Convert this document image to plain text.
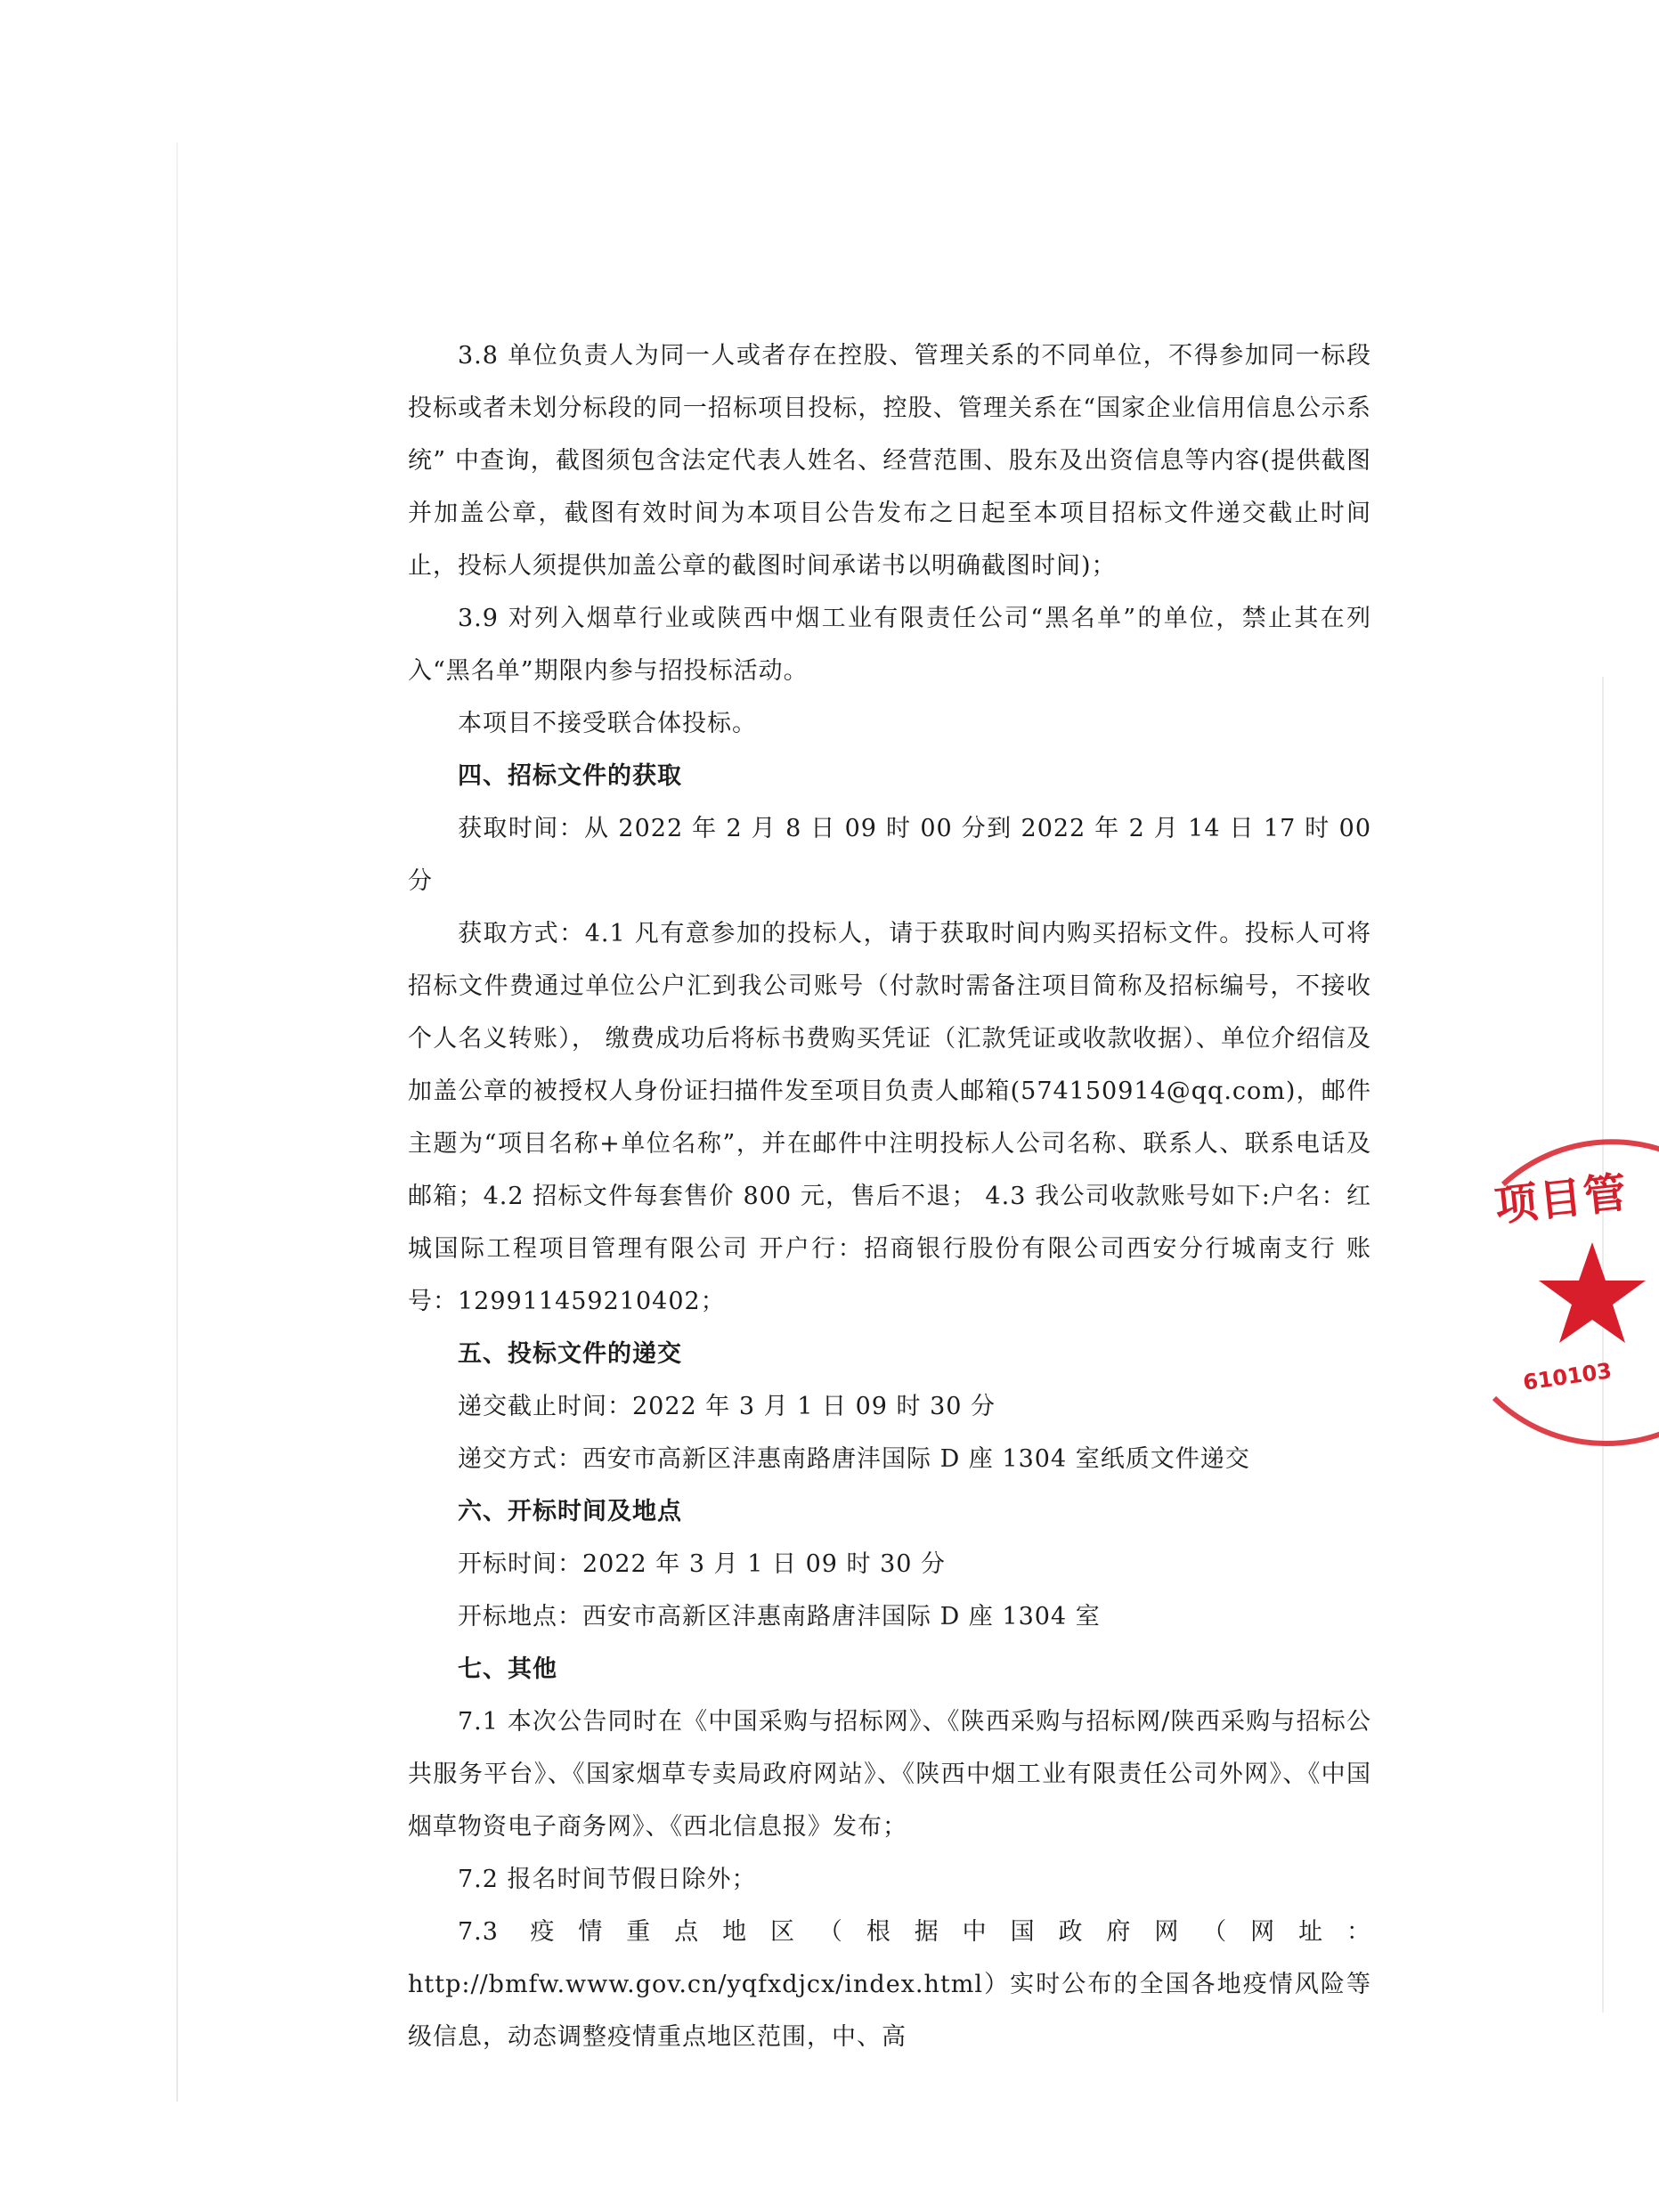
3.8 单位负责人为同一人或者存在控股、管理关系的不同单位，不得参加同一标段投标或者未划分标段的同一招标项目投标，控股、管理关系在“国家企业信用信息公示系统” 中查询，截图须包含法定代表人姓名、经营范围、股东及出资信息等内容(提供截图并加盖公章，截图有效时间为本项目公告发布之日起至本项目招标文件递交截止时间止，投标人须提供加盖公章的截图时间承诺书以明确截图时间)；

3.9 对列入烟草行业或陕西中烟工业有限责任公司“黑名单”的单位，禁止其在列入“黑名单”期限内参与招投标活动。

本项目不接受联合体投标。

四、招标文件的获取

获取时间：从 2022 年 2 月 8 日 09 时 00 分到 2022 年 2 月 14 日 17 时 00 分

获取方式：4.1 凡有意参加的投标人，请于获取时间内购买招标文件。投标人可将招标文件费通过单位公户汇到我公司账号（付款时需备注项目简称及招标编号，不接收个人名义转账）， 缴费成功后将标书费购买凭证（汇款凭证或收款收据）、单位介绍信及加盖公章的被授权人身份证扫描件发至项目负责人邮箱(574150914@qq.com)，邮件主题为“项目名称+单位名称”，并在邮件中注明投标人公司名称、联系人、联系电话及邮箱；4.2 招标文件每套售价 800 元，售后不退； 4.3 我公司收款账号如下:户名：红城国际工程项目管理有限公司 开户行：招商银行股份有限公司西安分行城南支行 账号：129911459210402；

五、投标文件的递交

递交截止时间：2022 年 3 月 1 日 09 时 30 分

递交方式：西安市高新区沣惠南路唐沣国际 D 座 1304 室纸质文件递交

六、开标时间及地点

开标时间：2022 年 3 月 1 日 09 时 30 分

开标地点：西安市高新区沣惠南路唐沣国际 D 座 1304 室

七、其他

7.1 本次公告同时在《中国采购与招标网》、《陕西采购与招标网/陕西采购与招标公共服务平台》、《国家烟草专卖局政府网站》、《陕西中烟工业有限责任公司外网》、《中国烟草物资电子商务网》、《西北信息报》发布；

7.2 报名时间节假日除外；

7.3 疫情重点地区（根据中国政府网（网址： http://bmfw.www.gov.cn/yqfxdjcx/index.html）实时公布的全国各地疫情风险等级信息，动态调整疫情重点地区范围，中、高

项目管
610103
